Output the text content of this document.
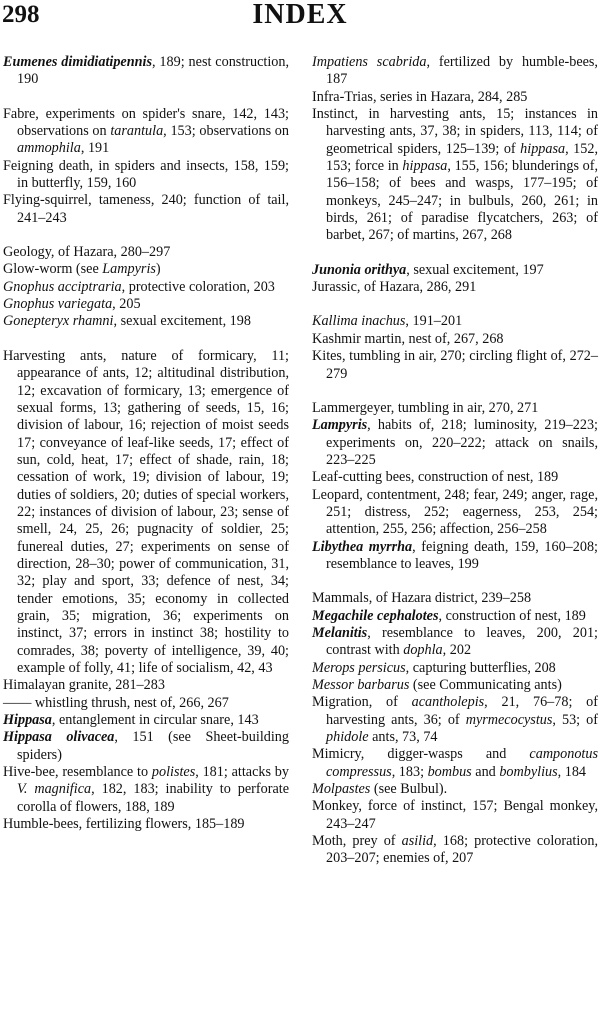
298	INDEX
Eumenes dimidiatipennis, 189; nest construction, 190
Fabre, experiments on spider's snare, 142, 143; observations on tarantula, 153; observations on ammophila, 191
Feigning death, in spiders and insects, 158, 159; in butterfly, 159, 160
Flying-squirrel, tameness, 240; function of tail, 241–243
Geology, of Hazara, 280–297
Glow-worm (see Lampyris)
Gnophus acciptraria, protective coloration, 203
Gnophus variegata, 205
Gonepteryx rhamni, sexual excitement, 198
Harvesting ants, nature of formicary, 11; appearance of ants, 12; altitudinal distribution, 12; excavation of formicary, 13; emergence of sexual forms, 13; gathering of seeds, 15, 16; division of labour, 16; rejection of moist seeds 17; conveyance of leaf-like seeds, 17; effect of sun, cold, heat, 17; effect of shade, rain, 18; cessation of work, 19; division of labour, 19; duties of soldiers, 20; duties of special workers, 22; instances of division of labour, 23; sense of smell, 24, 25, 26; pugnacity of soldier, 25; funereal duties, 27; experiments on sense of direction, 28–30; power of communication, 31, 32; play and sport, 33; defence of nest, 34; tender emotions, 35; economy in collected grain, 35; migration, 36; experiments on instinct, 37; errors in instinct 38; hostility to comrades, 38; poverty of intelligence, 39, 40; example of folly, 41; life of socialism, 42, 43
Himalayan granite, 281–283
—— whistling thrush, nest of, 266, 267
Hippasa, entanglement in circular snare, 143
Hippasa olivacea, 151 (see Sheet-building spiders)
Hive-bee, resemblance to polistes, 181; attacks by V. magnifica, 182, 183; inability to perforate corolla of flowers, 188, 189
Humble-bees, fertilizing flowers, 185–189
Impatiens scabrida, fertilized by humble-bees, 187
Infra-Trias, series in Hazara, 284, 285
Instinct, in harvesting ants, 15; instances in harvesting ants, 37, 38; in spiders, 113, 114; of geometrical spiders, 125–139; of hippasa, 152, 153; force in hippasa, 155, 156; blunderings of, 156–158; of bees and wasps, 177–195; of monkeys, 245–247; in bulbuls, 260, 261; in birds, 261; of paradise flycatchers, 263; of barbet, 267; of martins, 267, 268
Junonia orithya, sexual excitement, 197
Jurassic, of Hazara, 286, 291
Kallima inachus, 191–201
Kashmir martin, nest of, 267, 268
Kites, tumbling in air, 270; circling flight of, 272–279
Lammergeyer, tumbling in air, 270, 271
Lampyris, habits of, 218; luminosity, 219–223; experiments on, 220–222; attack on snails, 223–225
Leaf-cutting bees, construction of nest, 189
Leopard, contentment, 248; fear, 249; anger, rage, 251; distress, 252; eagerness, 253, 254; attention, 255, 256; affection, 256–258
Libythea myrrha, feigning death, 159, 160–208; resemblance to leaves, 199
Mammals, of Hazara district, 239–258
Megachile cephalotes, construction of nest, 189
Melanitis, resemblance to leaves, 200, 201; contrast with dophla, 202
Merops persicus, capturing butterflies, 208
Messor barbarus (see Communicating ants)
Migration, of acantholepis, 21, 76–78; of harvesting ants, 36; of myrmecocystus, 53; of phidole ants, 73, 74
Mimicry, digger-wasps and camponotus compressus, 183; bombus and bombylius, 184
Molpastes (see Bulbul).
Monkey, force of instinct, 157; Bengal monkey, 243–247
Moth, prey of asilid, 168; protective coloration, 203–207; enemies of, 207
